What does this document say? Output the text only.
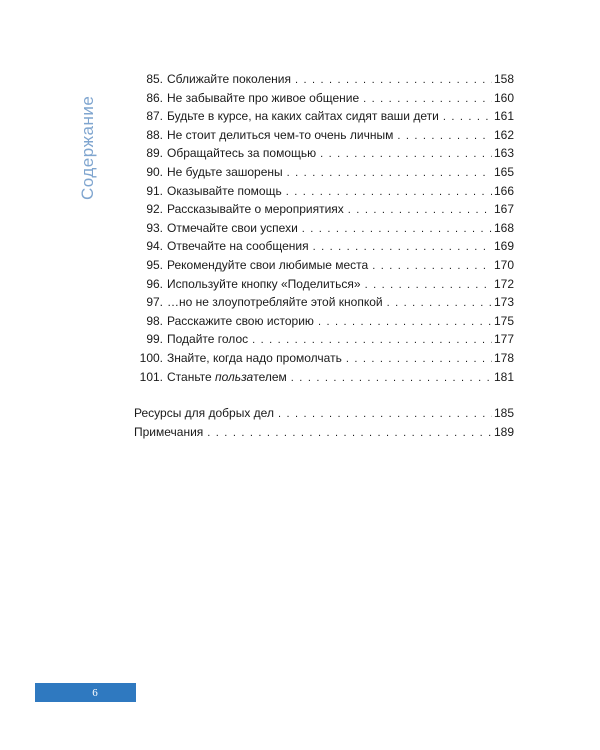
Содержание
85. Сближайте поколения . . .	158
86. Не забывайте про живое общение . . .	160
87. Будьте в курсе, на каких сайтах сидят ваши дети . . .	161
88. Не стоит делиться чем-то очень личным . . .	162
89. Обращайтесь за помощью . . .	163
90. Не будьте зашорены . . .	165
91. Оказывайте помощь . . .	166
92. Рассказывайте о мероприятиях . . .	167
93. Отмечайте свои успехи . . .	168
94. Отвечайте на сообщения . . .	169
95. Рекомендуйте свои любимые места . . .	170
96. Используйте кнопку «Поделиться» . . .	172
97. …но не злоупотребляйте этой кнопкой . . .	173
98. Расскажите свою историю . . .	175
99. Подайте голос . . .	177
100. Знайте, когда надо промолчать . . .	178
101. Станьте пользателем . . .	181
Ресурсы для добрых дел . . .	185
Примечания . . .	189
6
